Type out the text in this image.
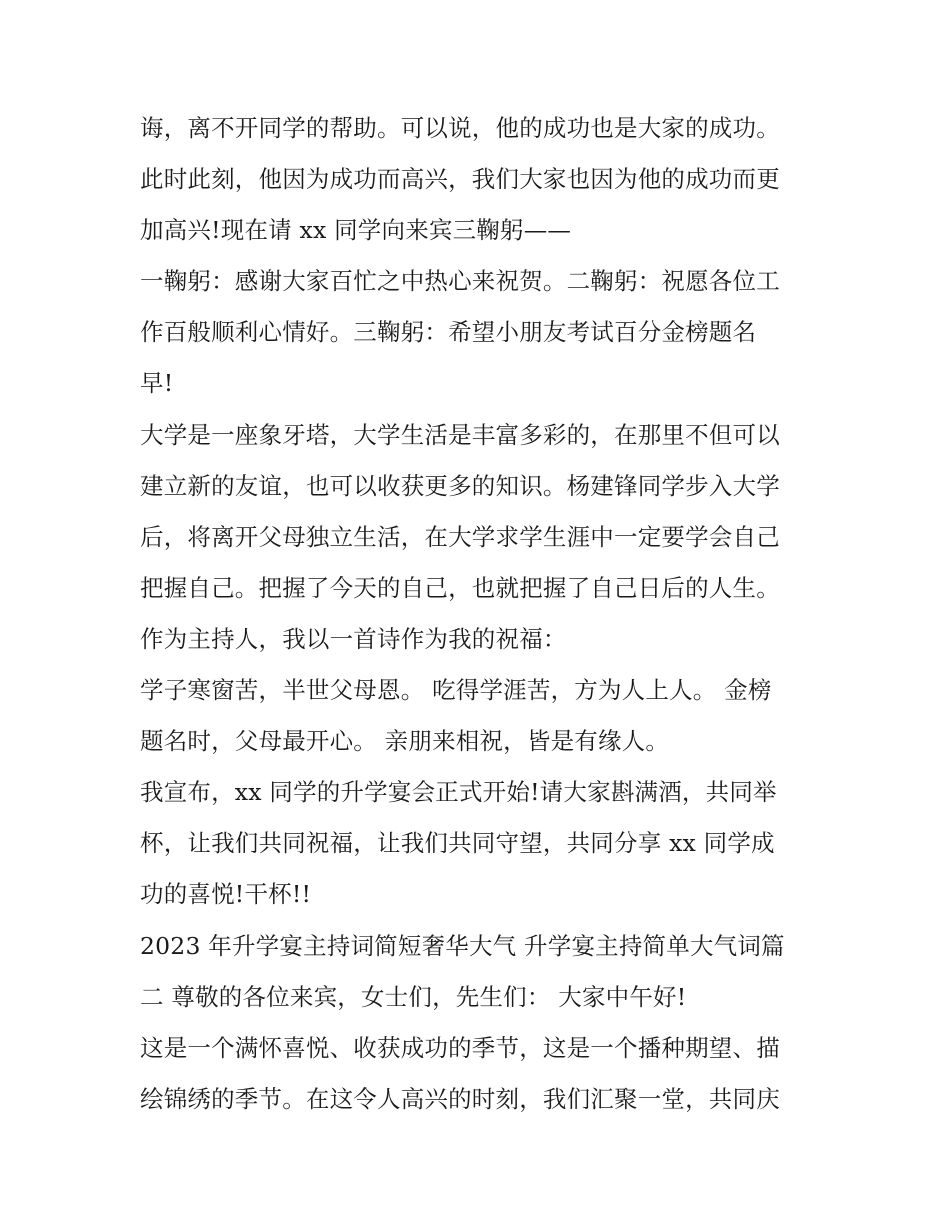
诲，离不开同学的帮助。可以说，他的成功也是大家的成功。
此时此刻，他因为成功而高兴，我们大家也因为他的成功而更
加高兴!现在请 xx 同学向来宾三鞠躬——
一鞠躬：感谢大家百忙之中热心来祝贺。二鞠躬：祝愿各位工
作百般顺利心情好。三鞠躬：希望小朋友考试百分金榜题名
早!
大学是一座象牙塔，大学生活是丰富多彩的，在那里不但可以
建立新的友谊，也可以收获更多的知识。杨建锋同学步入大学
后，将离开父母独立生活，在大学求学生涯中一定要学会自己
把握自己。把握了今天的自己，也就把握了自己日后的人生。
作为主持人，我以一首诗作为我的祝福：
学子寒窗苦，半世父母恩。 吃得学涯苦，方为人上人。 金榜
题名时，父母最开心。 亲朋来相祝，皆是有缘人。
我宣布，xx 同学的升学宴会正式开始!请大家斟满酒，共同举
杯，让我们共同祝福，让我们共同守望，共同分享 xx 同学成
功的喜悦!干杯!!
2023 年升学宴主持词简短奢华大气 升学宴主持简单大气词篇
二 尊敬的各位来宾，女士们，先生们： 大家中午好!
这是一个满怀喜悦、收获成功的季节，这是一个播种期望、描
绘锦绣的季节。在这令人高兴的时刻，我们汇聚一堂，共同庆
